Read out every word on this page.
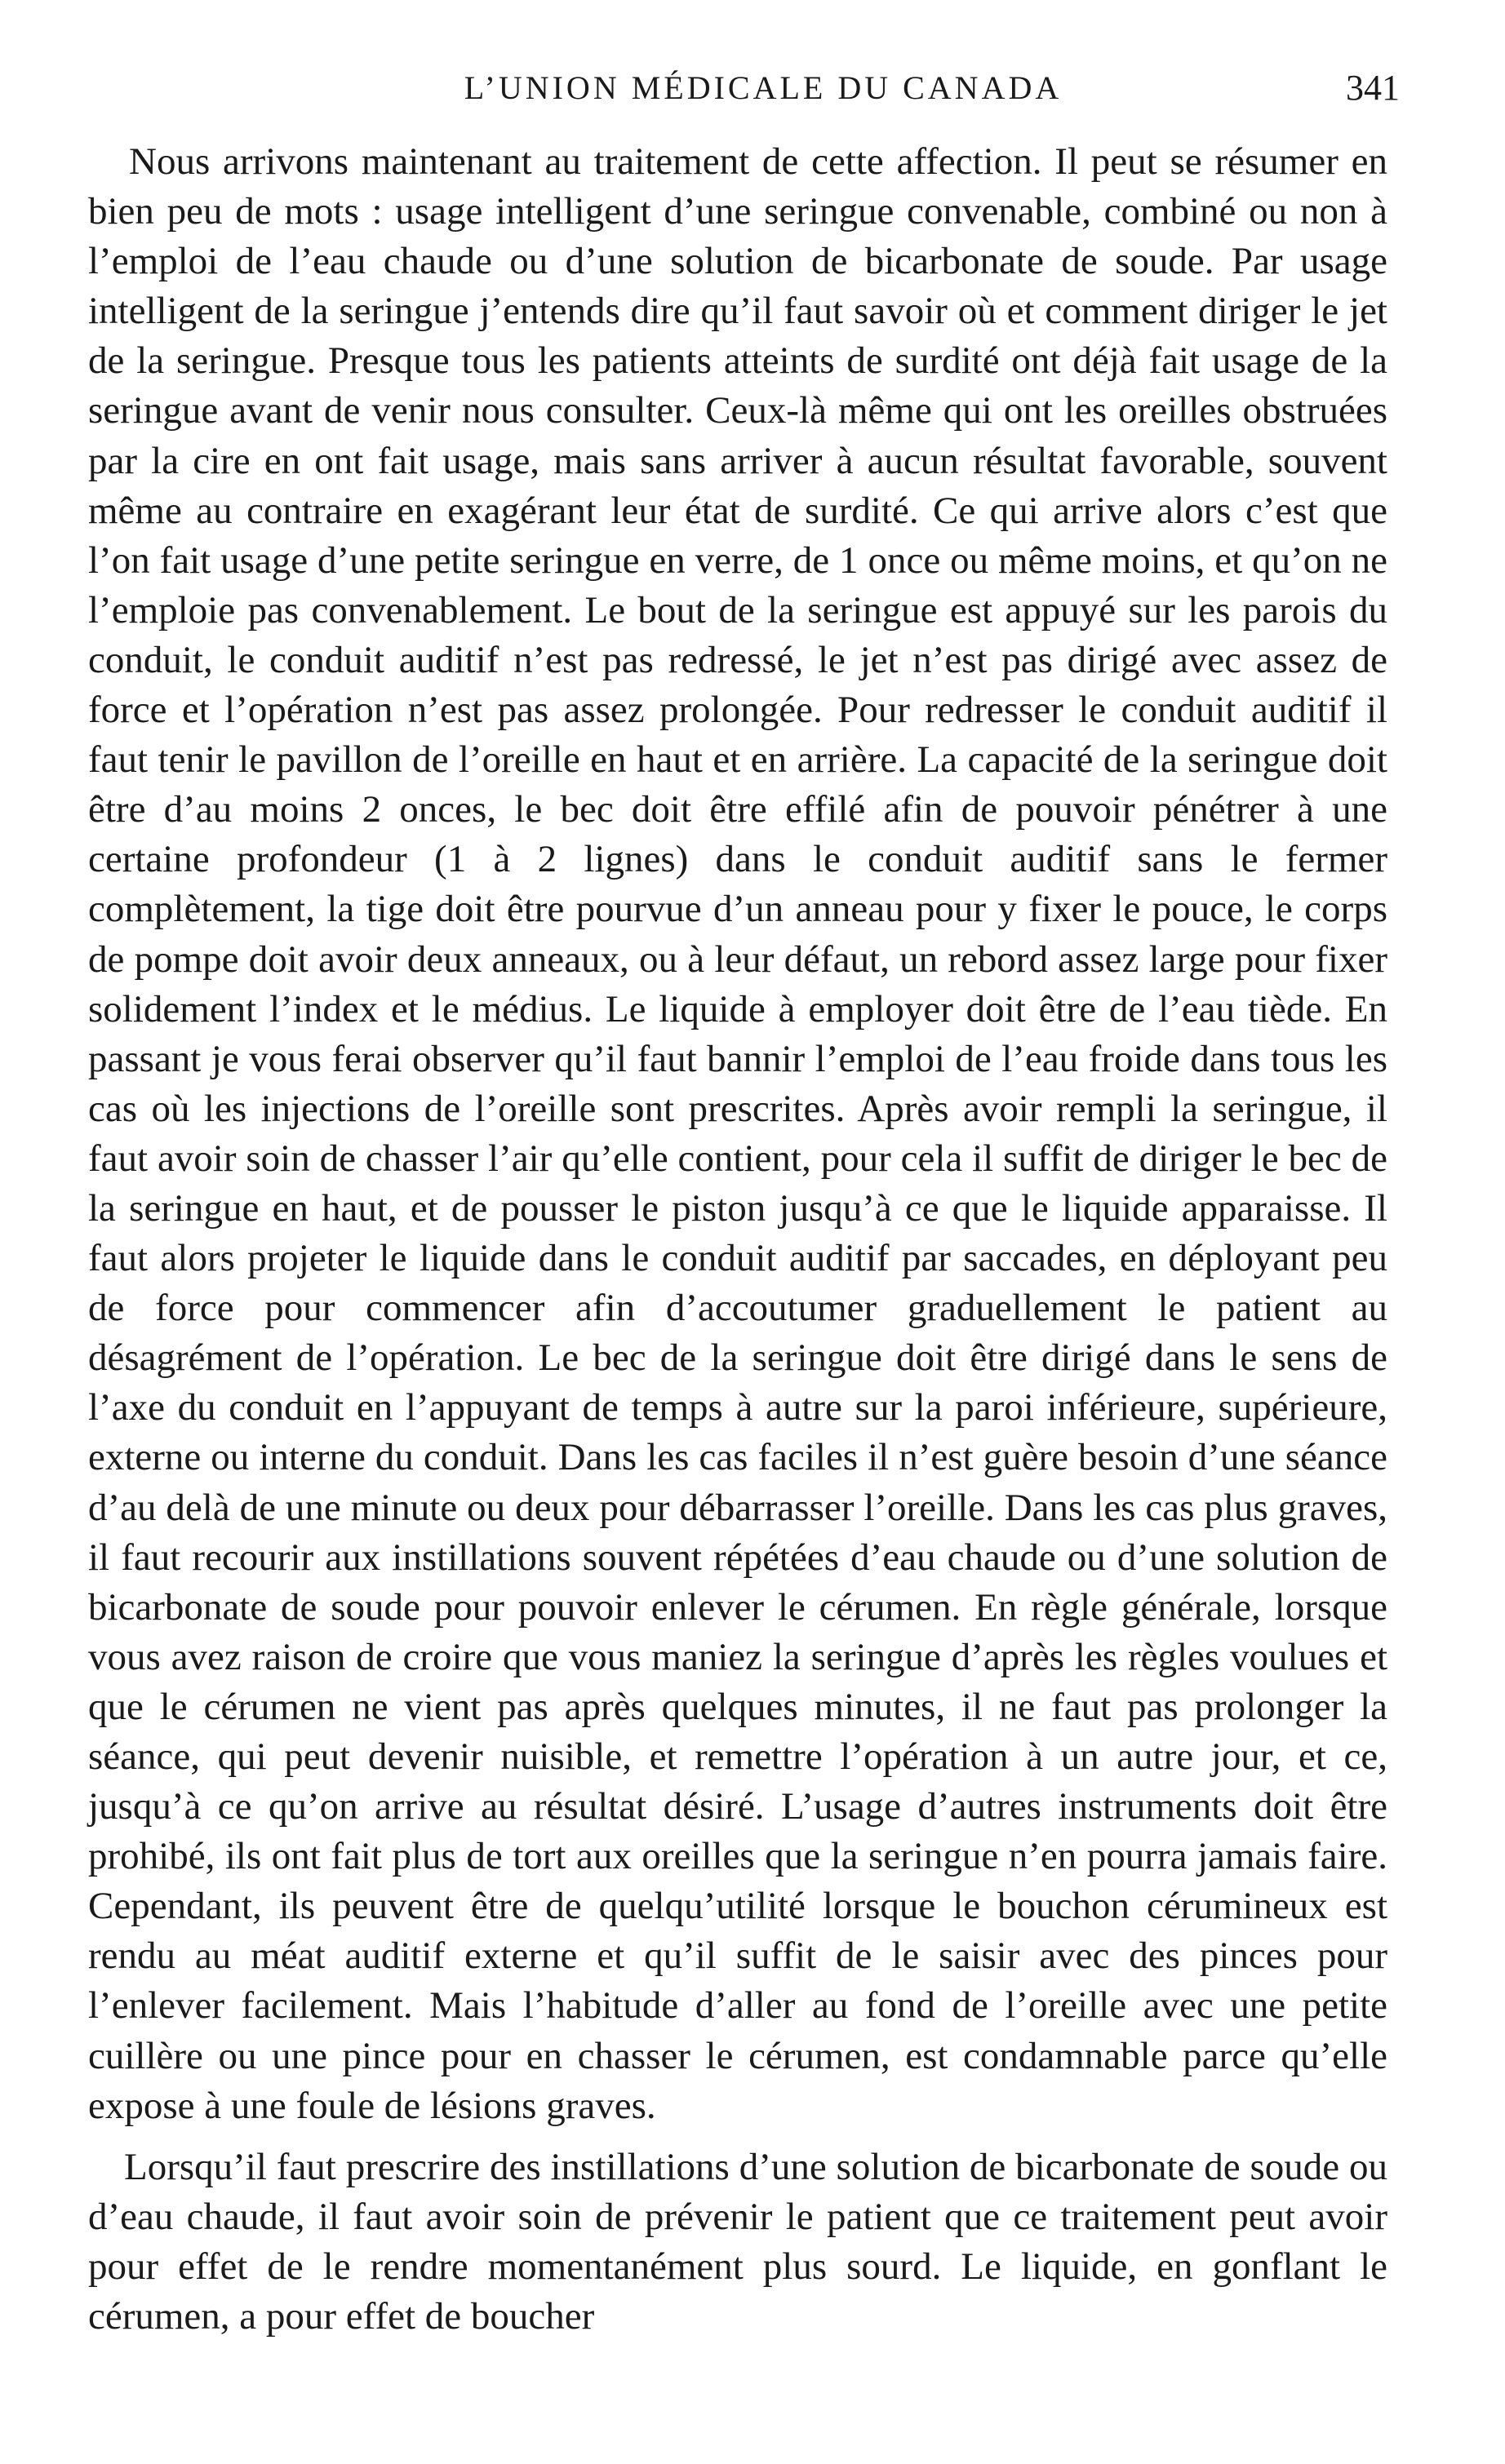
L’UNION MÉDICALE DU CANADA	341

Nous arrivons maintenant au traitement de cette affection. Il peut se résumer en bien peu de mots : usage intelligent d’une seringue convenable, combiné ou non à l’emploi de l’eau chaude ou d’une solution de bicarbonate de soude. Par usage intelligent de la seringue j’entends dire qu’il faut savoir où et comment diriger le jet de la seringue. Presque tous les patients atteints de surdité ont déjà fait usage de la seringue avant de venir nous consulter. Ceux-là même qui ont les oreilles obstruées par la cire en ont fait usage, mais sans arriver à aucun résultat favorable, souvent même au contraire en exagérant leur état de surdité. Ce qui arrive alors c’est que l’on fait usage d’une petite seringue en verre, de 1 once ou même moins, et qu’on ne l’emploie pas convenablement. Le bout de la seringue est appuyé sur les parois du conduit, le conduit auditif n’est pas redressé, le jet n’est pas dirigé avec assez de force et l’opération n’est pas assez prolongée. Pour redresser le conduit auditif il faut tenir le pavillon de l’oreille en haut et en arrière. La capacité de la seringue doit être d’au moins 2 onces, le bec doit être effilé afin de pouvoir pénétrer à une certaine profondeur (1 à 2 lignes) dans le conduit auditif sans le fermer complètement, la tige doit être pourvue d’un anneau pour y fixer le pouce, le corps de pompe doit avoir deux anneaux, ou à leur défaut, un rebord assez large pour fixer solidement l’index et le médius. Le liquide à employer doit être de l’eau tiède. En passant je vous ferai observer qu’il faut bannir l’emploi de l’eau froide dans tous les cas où les injections de l’oreille sont prescrites. Après avoir rempli la seringue, il faut avoir soin de chasser l’air qu’elle contient, pour cela il suffit de diriger le bec de la seringue en haut, et de pousser le piston jusqu’à ce que le liquide apparaisse. Il faut alors projeter le liquide dans le conduit auditif par saccades, en déployant peu de force pour commencer afin d’accoutumer graduellement le patient au désagrément de l’opération. Le bec de la seringue doit être dirigé dans le sens de l’axe du conduit en l’appuyant de temps à autre sur la paroi inférieure, supérieure, externe ou interne du conduit. Dans les cas faciles il n’est guère besoin d’une séance d’au delà de une minute ou deux pour débarrasser l’oreille. Dans les cas plus graves, il faut recourir aux instillations souvent répétées d’eau chaude ou d’une solution de bicarbonate de soude pour pouvoir enlever le cérumen. En règle générale, lorsque vous avez raison de croire que vous maniez la seringue d’après les règles voulues et que le cérumen ne vient pas après quelques minutes, il ne faut pas prolonger la séance, qui peut devenir nuisible, et remettre l’opération à un autre jour, et ce, jusqu’à ce qu’on arrive au résultat désiré. L’usage d’autres instruments doit être prohibé, ils ont fait plus de tort aux oreilles que la seringue n’en pourra jamais faire. Cependant, ils peuvent être de quelqu’utilité lorsque le bouchon cérumineux est rendu au méat auditif externe et qu’il suffit de le saisir avec des pinces pour l’enlever facilement. Mais l’habitude d’aller au fond de l’oreille avec une petite cuillère ou une pince pour en chasser le cérumen, est condamnable parce qu’elle expose à une foule de lésions graves.

Lorsqu’il faut prescrire des instillations d’une solution de bicarbonate de soude ou d’eau chaude, il faut avoir soin de prévenir le patient que ce traitement peut avoir pour effet de le rendre momentanément plus sourd. Le liquide, en gonflant le cérumen, a pour effet de boucher
